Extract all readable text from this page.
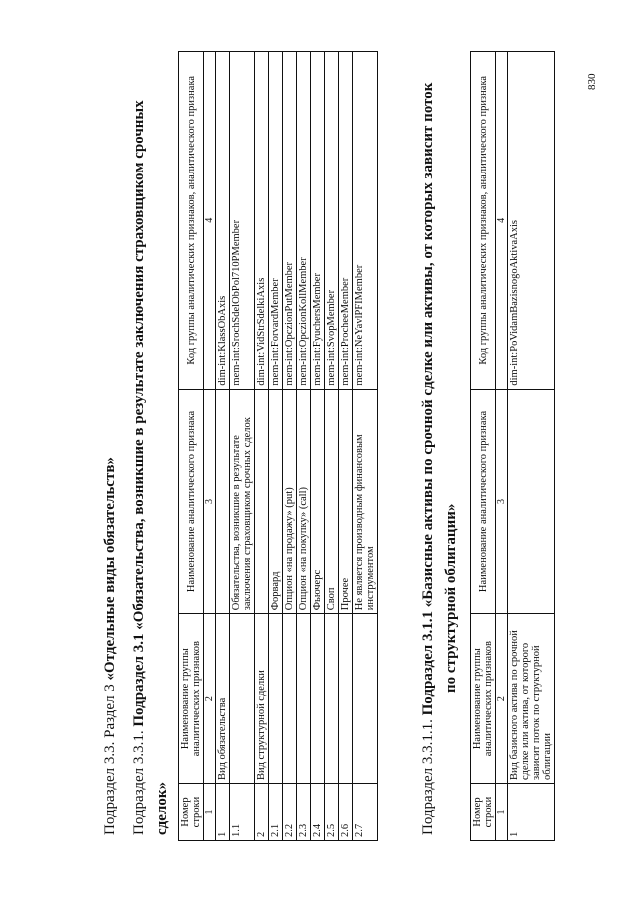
Подраздел 3.3. Раздел 3 «Отдельные виды обязательств»
Подраздел 3.3.1. Подраздел 3.1 «Обязательства, возникшие в результате заключения страховщиком срочных
сделок» Номер строки	Наименование группы аналитических признаков	Наименование аналитического признака	Код группы аналитических признаков, аналитического признака
1	2	3	4
1	Вид обязательства		dim-int:KlassObAxis
1.1		Обязательства, возникшие в результате заключения страховщиком срочных сделок	mem-int:SrochSdelObPol710PMember
2	Вид структурной сделки		dim-int:VidStrSdelkiAxis
2.1		Форвард	mem-int:ForvardMember
2.2		Опцион «на продажу» (put)	mem-int:OpczionPutMember
2.3		Опцион «на покупку» (call)	mem-int:OpczionKollMember
2.4		Фьючерс	mem-int:FyuchersMember
2.5		Своп	mem-int:SvopMember
2.6		Прочее	mem-int:ProcheeMember
2.7		Не является производным финансовым инструментом	mem-int:NeYavlPFIMember
Подраздел 3.3.1.1. Подраздел 3.1.1 «Базисные активы по срочной сделке или активы, от которых зависит поток по структурной облигации»
Номер строки	Наименование группы аналитических признаков	Наименование аналитического признака	Код группы аналитических признаков, аналитического признака
1	2	3	4
1	Вид базисного актива по срочной сделке или актива, от которого зависит поток по структурной облигации		dim-int:PoVidamBazisnogoAktivaAxis
830
